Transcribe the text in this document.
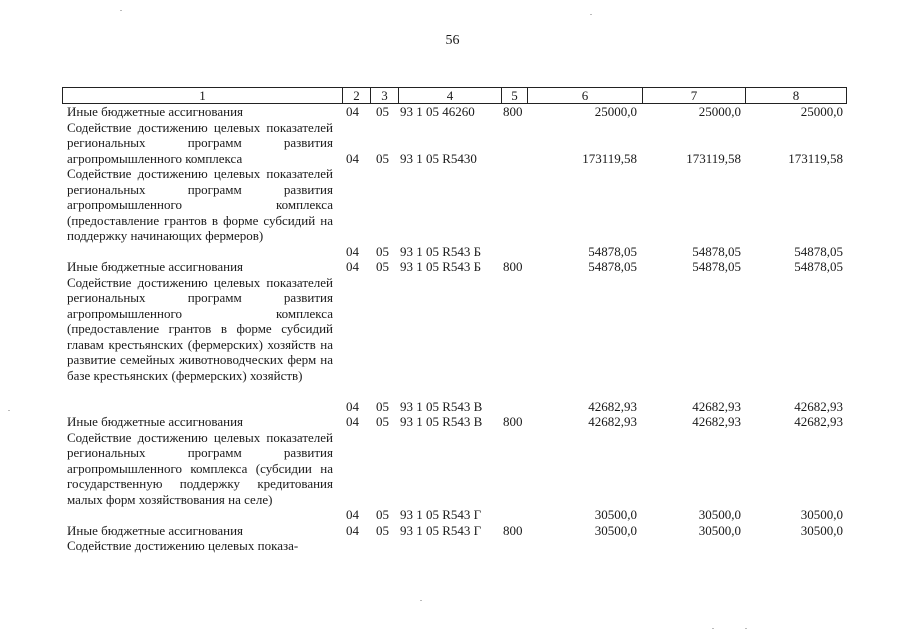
56
1	2	3	4	5	6	7	8
Иные бюджетные ассигнования	04 05 93 1 05 46260 800	25000,0	25000,0	25000,0
Содействие достижению целевых показателей региональных программ развития агропромышленного комплекса	04 05 93 1 05 R5430	173119,58	173119,58	173119,58
Содействие достижению целевых показателей региональных программ развития агропромышленного комплекса (предоставление грантов в форме субсидий на поддержку начинающих фермеров)
04 05 93 1 05 R543 Б	54878,05	54878,05	54878,05
Иные бюджетные ассигнования	04 05 93 1 05 R543 Б 800	54878,05	54878,05	54878,05
Содействие достижению целевых показателей региональных программ развития агропромышленного комплекса (предоставление грантов в форме субсидий главам крестьянских (фермерских) хозяйств на развитие семейных животноводческих ферм на базе крестьянских (фермерских) хозяйств)
04 05 93 1 05 R543 В	42682,93	42682,93	42682,93
Иные бюджетные ассигнования	04 05 93 1 05 R543 В 800	42682,93	42682,93	42682,93
Содействие достижению целевых показателей региональных программ развития агропромышленного комплекса (субсидии на государственную поддержку кредитования малых форм хозяйствования на селе)
04 05 93 1 05 R543 Г	30500,0	30500,0	30500,0
Иные бюджетные ассигнования	04 05 93 1 05 R543 Г 800	30500,0	30500,0	30500,0
Содействие достижению целевых показа-
